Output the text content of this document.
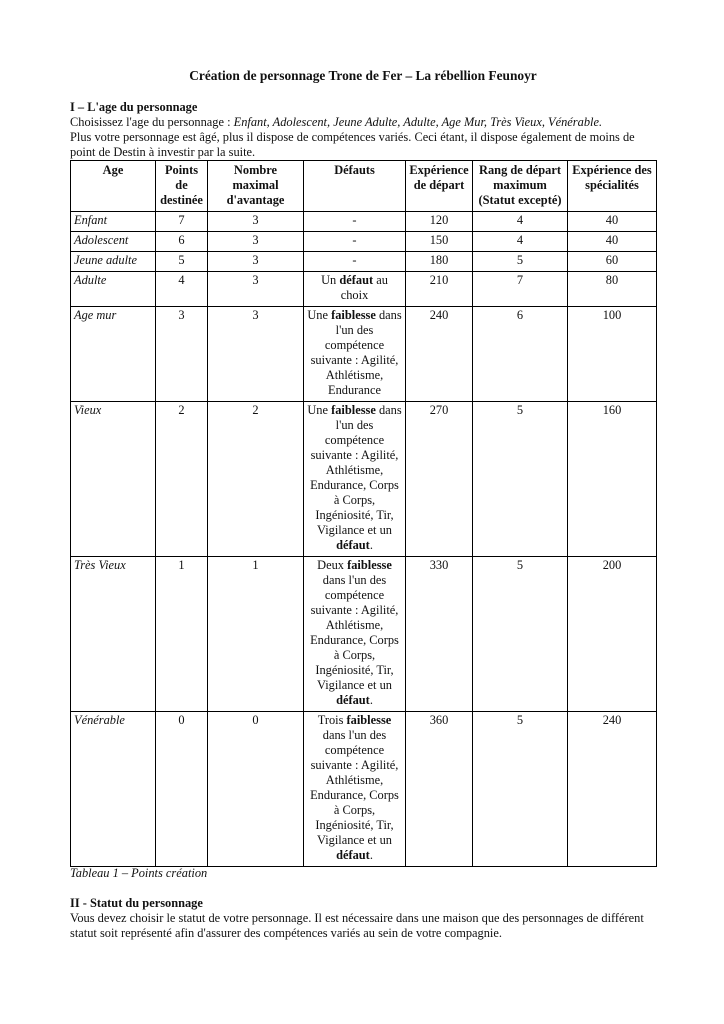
Création de personnage Trone de Fer – La rébellion Feunoyr

I – L'age du personnage

Choisissez l'age du personnage : Enfant, Adolescent, Jeune Adulte, Adulte, Age Mur, Très Vieux, Vénérable.

Plus votre personnage est âgé, plus il dispose de compétences variés. Ceci étant, il dispose également de moins de point de Destin à investir par la suite.

Age	Points de destinée	Nombre maximal d'avantage	Défauts	Expérience de départ	Rang de départ maximum (Statut excepté)	Expérience des spécialités
Enfant	7	3	-	120	4	40
Adolescent	6	3	-	150	4	40
Jeune adulte	5	3	-	180	5	60
Adulte	4	3	Un défaut au choix	210	7	80
Age mur	3	3	Une faiblesse dans l'un des compétence suivante : Agilité, Athlétisme, Endurance	240	6	100
Vieux	2	2	Une faiblesse dans l'un des compétence suivante : Agilité, Athlétisme, Endurance, Corps à Corps, Ingéniosité, Tir, Vigilance et un défaut.	270	5	160
Très Vieux	1	1	Deux faiblesse dans l'un des compétence suivante : Agilité, Athlétisme, Endurance, Corps à Corps, Ingéniosité, Tir, Vigilance et un défaut.	330	5	200
Vénérable	0	0	Trois faiblesse dans l'un des compétence suivante : Agilité, Athlétisme, Endurance, Corps à Corps, Ingéniosité, Tir, Vigilance et un défaut.	360	5	240
Tableau 1 – Points création

II - Statut du personnage

Vous devez choisir le statut de votre personnage. Il est nécessaire dans une maison que des personnages de différent statut soit représenté afin d'assurer des compétences variés au sein de votre compagnie.
